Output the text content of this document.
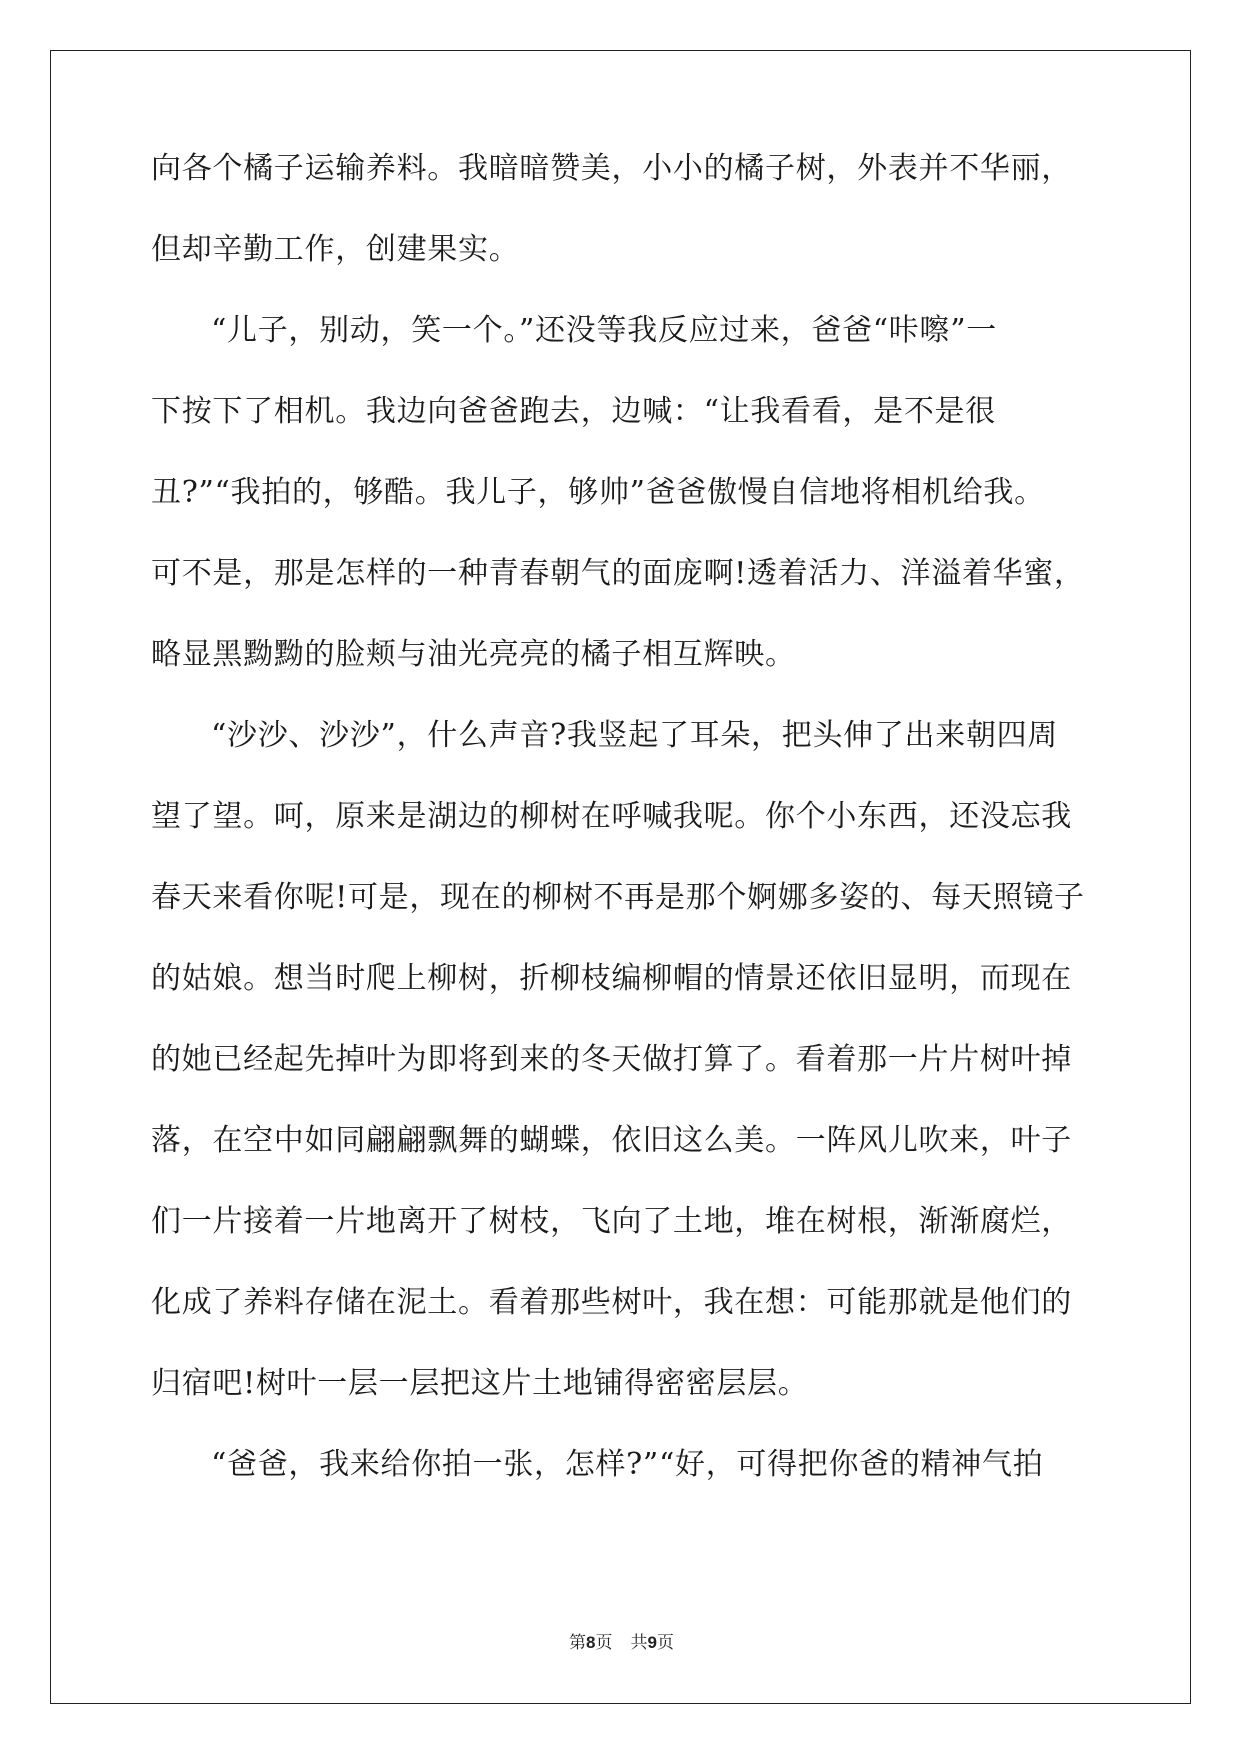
向各个橘子运输养料。我暗暗赞美，小小的橘子树，外表并不华丽，
但却辛勤工作，创建果实。
“儿子，别动，笑一个。”还没等我反应过来，爸爸“咔嚓”一
下按下了相机。我边向爸爸跑去，边喊：“让我看看，是不是很
丑?”“我拍的，够酷。我儿子，够帅”爸爸傲慢自信地将相机给我。
可不是，那是怎样的一种青春朝气的面庞啊!透着活力、洋溢着华蜜，
略显黑黝黝的脸颊与油光亮亮的橘子相互辉映。
“沙沙、沙沙”，什么声音?我竖起了耳朵，把头伸了出来朝四周
望了望。呵，原来是湖边的柳树在呼喊我呢。你个小东西，还没忘我
春天来看你呢!可是，现在的柳树不再是那个婀娜多姿的、每天照镜子
的姑娘。想当时爬上柳树，折柳枝编柳帽的情景还依旧显明，而现在
的她已经起先掉叶为即将到来的冬天做打算了。看着那一片片树叶掉
落，在空中如同翩翩飘舞的蝴蝶，依旧这么美。一阵风儿吹来，叶子
们一片接着一片地离开了树枝，飞向了土地，堆在树根，渐渐腐烂，
化成了养料存储在泥土。看着那些树叶，我在想：可能那就是他们的
归宿吧!树叶一层一层把这片土地铺得密密层层。
“爸爸，我来给你拍一张，怎样?”“好，可得把你爸的精神气拍
第8页 共9页
